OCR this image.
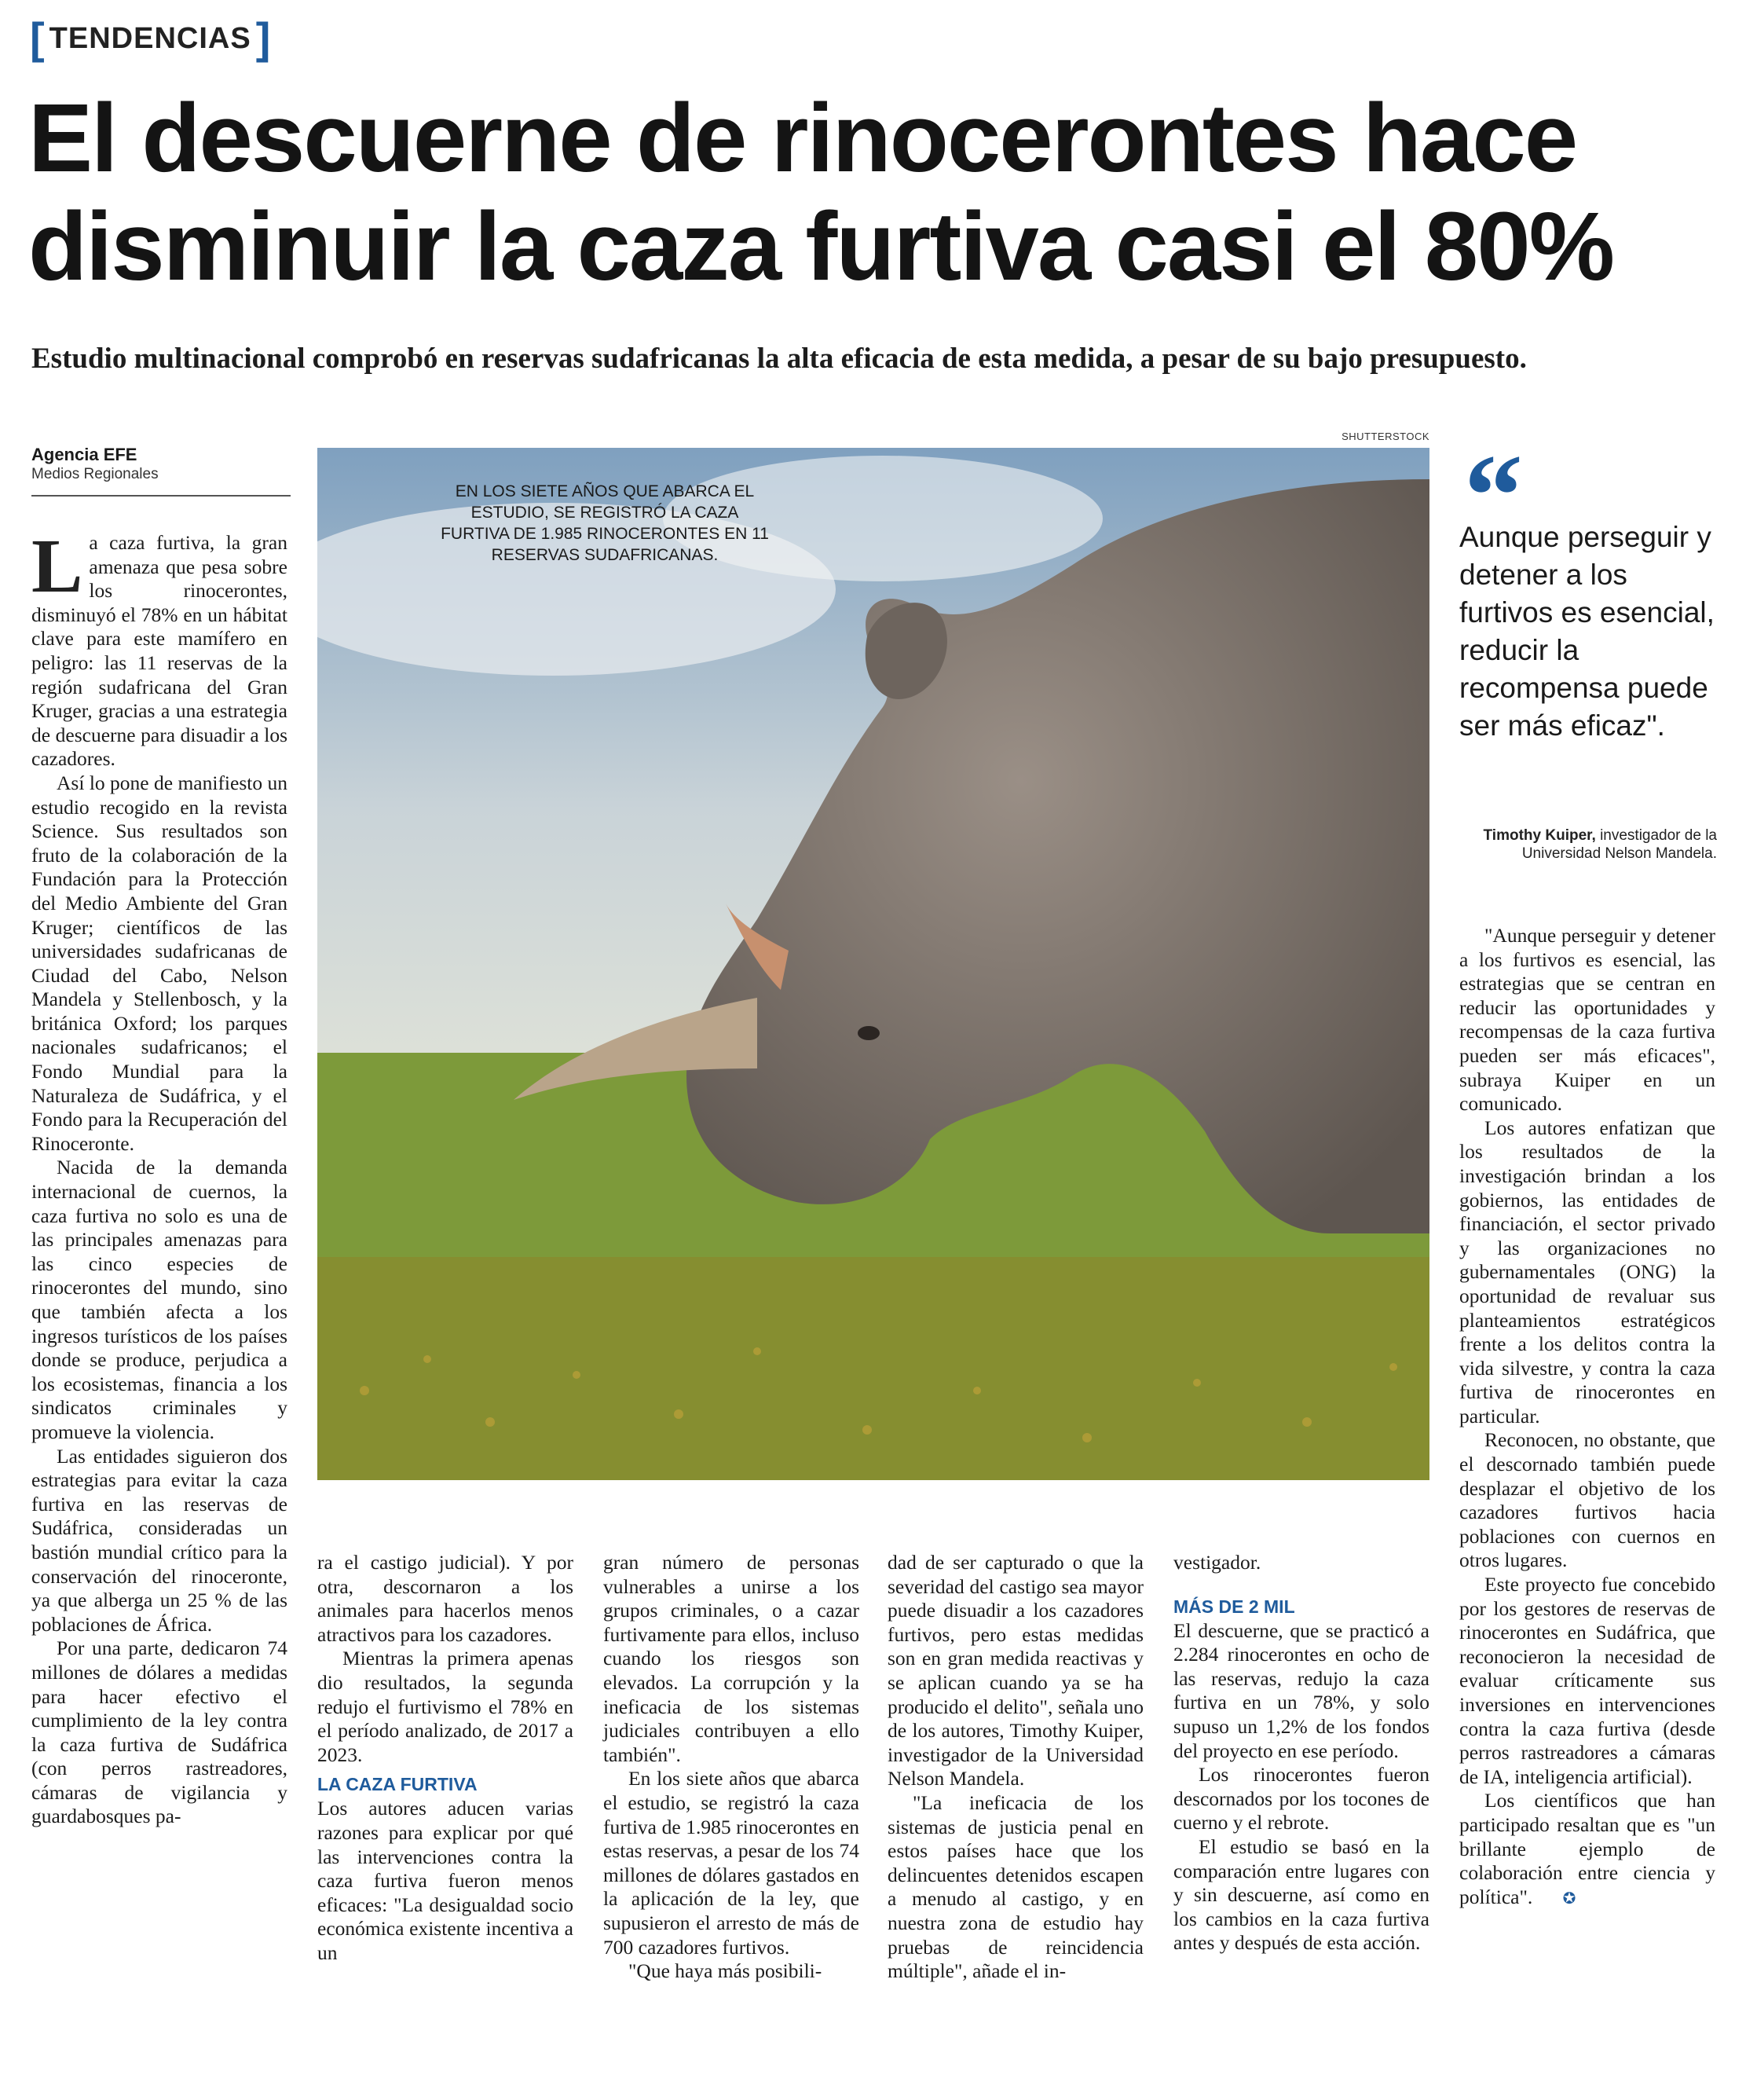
[ TENDENCIAS ]
El descuerne de rinocerontes hace disminuir la caza furtiva casi el 80%

Estudio multinacional comprobó en reservas sudafricanas la alta eficacia de esta medida, a pesar de su bajo presupuesto.

Agencia EFE
Medios Regionales
SHUTTERSTOCK
EN LOS SIETE AÑOS QUE ABARCA EL ESTUDIO, SE REGISTRÓ LA CAZA FURTIVA DE 1.985 RINOCERONTES EN 11 RESERVAS SUDAFRICANAS.	“
Aunque perseguir y detener a los furtivos es esencial, reducir la recompensa puede ser más eficaz".
Timothy Kuiper, investigador de la Universidad Nelson Mandela.

La caza furtiva, la gran amenaza que pesa sobre los rinocerontes, disminuyó el 78% en un hábitat clave para este mamífero en peligro: las 11 reservas de la región sudafricana del Gran Kruger, gracias a una estrategia de descuerne para disuadir a los cazadores.

Así lo pone de manifiesto un estudio recogido en la revista Science. Sus resultados son fruto de la colaboración de la Fundación para la Protección del Medio Ambiente del Gran Kruger; científicos de las universidades sudafricanas de Ciudad del Cabo, Nelson Mandela y Stellenbosch, y la británica Oxford; los parques nacionales sudafricanos; el Fondo Mundial para la Naturaleza de Sudáfrica, y el Fondo para la Recuperación del Rinoceronte.

Nacida de la demanda internacional de cuernos, la caza furtiva no solo es una de las principales amenazas para las cinco especies de rinocerontes del mundo, sino que también afecta a los ingresos turísticos de los países donde se produce, perjudica a los ecosistemas, financia a los sindicatos criminales y promueve la violencia.

Las entidades siguieron dos estrategias para evitar la caza furtiva en las reservas de Sudáfrica, consideradas un bastión mundial crítico para la conservación del rinoceronte, ya que alberga un 25 % de las poblaciones de África.

Por una parte, dedicaron 74 millones de dólares a medidas para hacer efectivo el cumplimiento de la ley contra la caza furtiva de Sudáfrica (con perros rastreadores, cámaras de vigilancia y guardabosques pa-

ra el castigo judicial). Y por otra, descornaron a los animales para hacerlos menos atractivos para los cazadores.

Mientras la primera apenas dio resultados, la segunda redujo el furtivismo el 78% en el período analizado, de 2017 a 2023.

LA CAZA FURTIVA

Los autores aducen varias razones para explicar por qué las intervenciones contra la caza furtiva fueron menos eficaces: "La desigualdad socio económica existente incentiva a un

gran número de personas vulnerables a unirse a los grupos criminales, o a cazar furtivamente para ellos, incluso cuando los riesgos son elevados. La corrupción y la ineficacia de los sistemas judiciales contribuyen a ello también".

En los siete años que abarca el estudio, se registró la caza furtiva de 1.985 rinocerontes en estas reservas, a pesar de los 74 millones de dólares gastados en la aplicación de la ley, que supusieron el arresto de más de 700 cazadores furtivos.

"Que haya más posibili-

dad de ser capturado o que la severidad del castigo sea mayor puede disuadir a los cazadores furtivos, pero estas medidas son en gran medida reactivas y se aplican cuando ya se ha producido el delito", señala uno de los autores, Timothy Kuiper, investigador de la Universidad Nelson Mandela.

"La ineficacia de los sistemas de justicia penal en estos países hace que los delincuentes detenidos escapen a menudo al castigo, y en nuestra zona de estudio hay pruebas de reincidencia múltiple", añade el in-

vestigador.

MÁS DE 2 MIL

El descuerne, que se practicó a 2.284 rinocerontes en ocho de las reservas, redujo la caza furtiva en un 78%, y solo supuso un 1,2% de los fondos del proyecto en ese período.

Los rinocerontes fueron descornados por los tocones de cuerno y el rebrote.

El estudio se basó en la comparación entre lugares con y sin descuerne, así como en los cambios en la caza furtiva antes y después de esta acción.

"Aunque perseguir y detener a los furtivos es esencial, las estrategias que se centran en reducir las oportunidades y recompensas de la caza furtiva pueden ser más eficaces", subraya Kuiper en un comunicado.

Los autores enfatizan que los resultados de la investigación brindan a los gobiernos, las entidades de financiación, el sector privado y las organizaciones no gubernamentales (ONG) la oportunidad de revaluar sus planteamientos estratégicos frente a los delitos contra la vida silvestre, y contra la caza furtiva de rinocerontes en particular.

Reconocen, no obstante, que el descornado también puede desplazar el objetivo de los cazadores furtivos hacia poblaciones con cuernos en otros lugares.

Este proyecto fue concebido por los gestores de reservas de rinocerontes en Sudáfrica, que reconocieron la necesidad de evaluar críticamente sus inversiones en intervenciones contra la caza furtiva (desde perros rastreadores a cámaras de IA, inteligencia artificial).

Los científicos que han participado resaltan que es "un brillante ejemplo de colaboración entre ciencia y política". ✪
